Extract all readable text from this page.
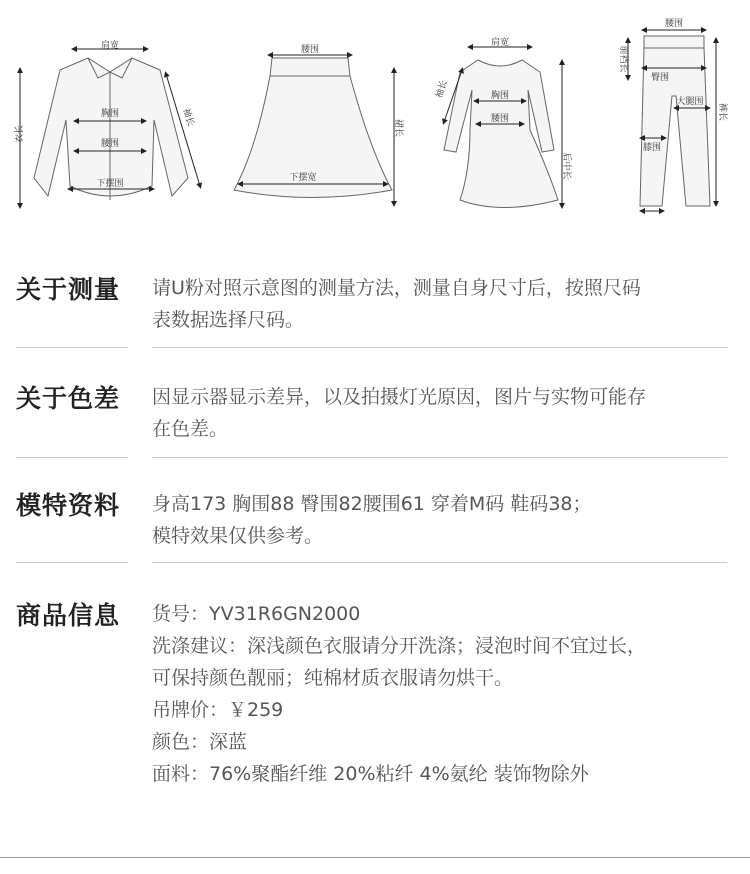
肩宽
胸围
腰围
下摆围
衣长
袖长
腰围
下摆宽
裙长
肩宽
胸围
腰围
后中长
袖长
腰围
前裆长
臀围
大腿围
膝围
裤长
关于测量	请U粉对照示意图的测量方法，测量自身尺寸后，按照尺码
表数据选择尺码。
关于色差	因显示器显示差异，以及拍摄灯光原因，图片与实物可能存
在色差。
模特资料	身高173 胸围88 臀围82腰围61 穿着M码 鞋码38；
模特效果仅供参考。
商品信息	货号：YV31R6GN2000
洗涤建议：深浅颜色衣服请分开洗涤；浸泡时间不宜过长，
可保持颜色靓丽；纯棉材质衣服请勿烘干。
吊牌价：￥259
颜色：深蓝
面料：76%聚酯纤维 20%粘纤 4%氨纶 装饰物除外
